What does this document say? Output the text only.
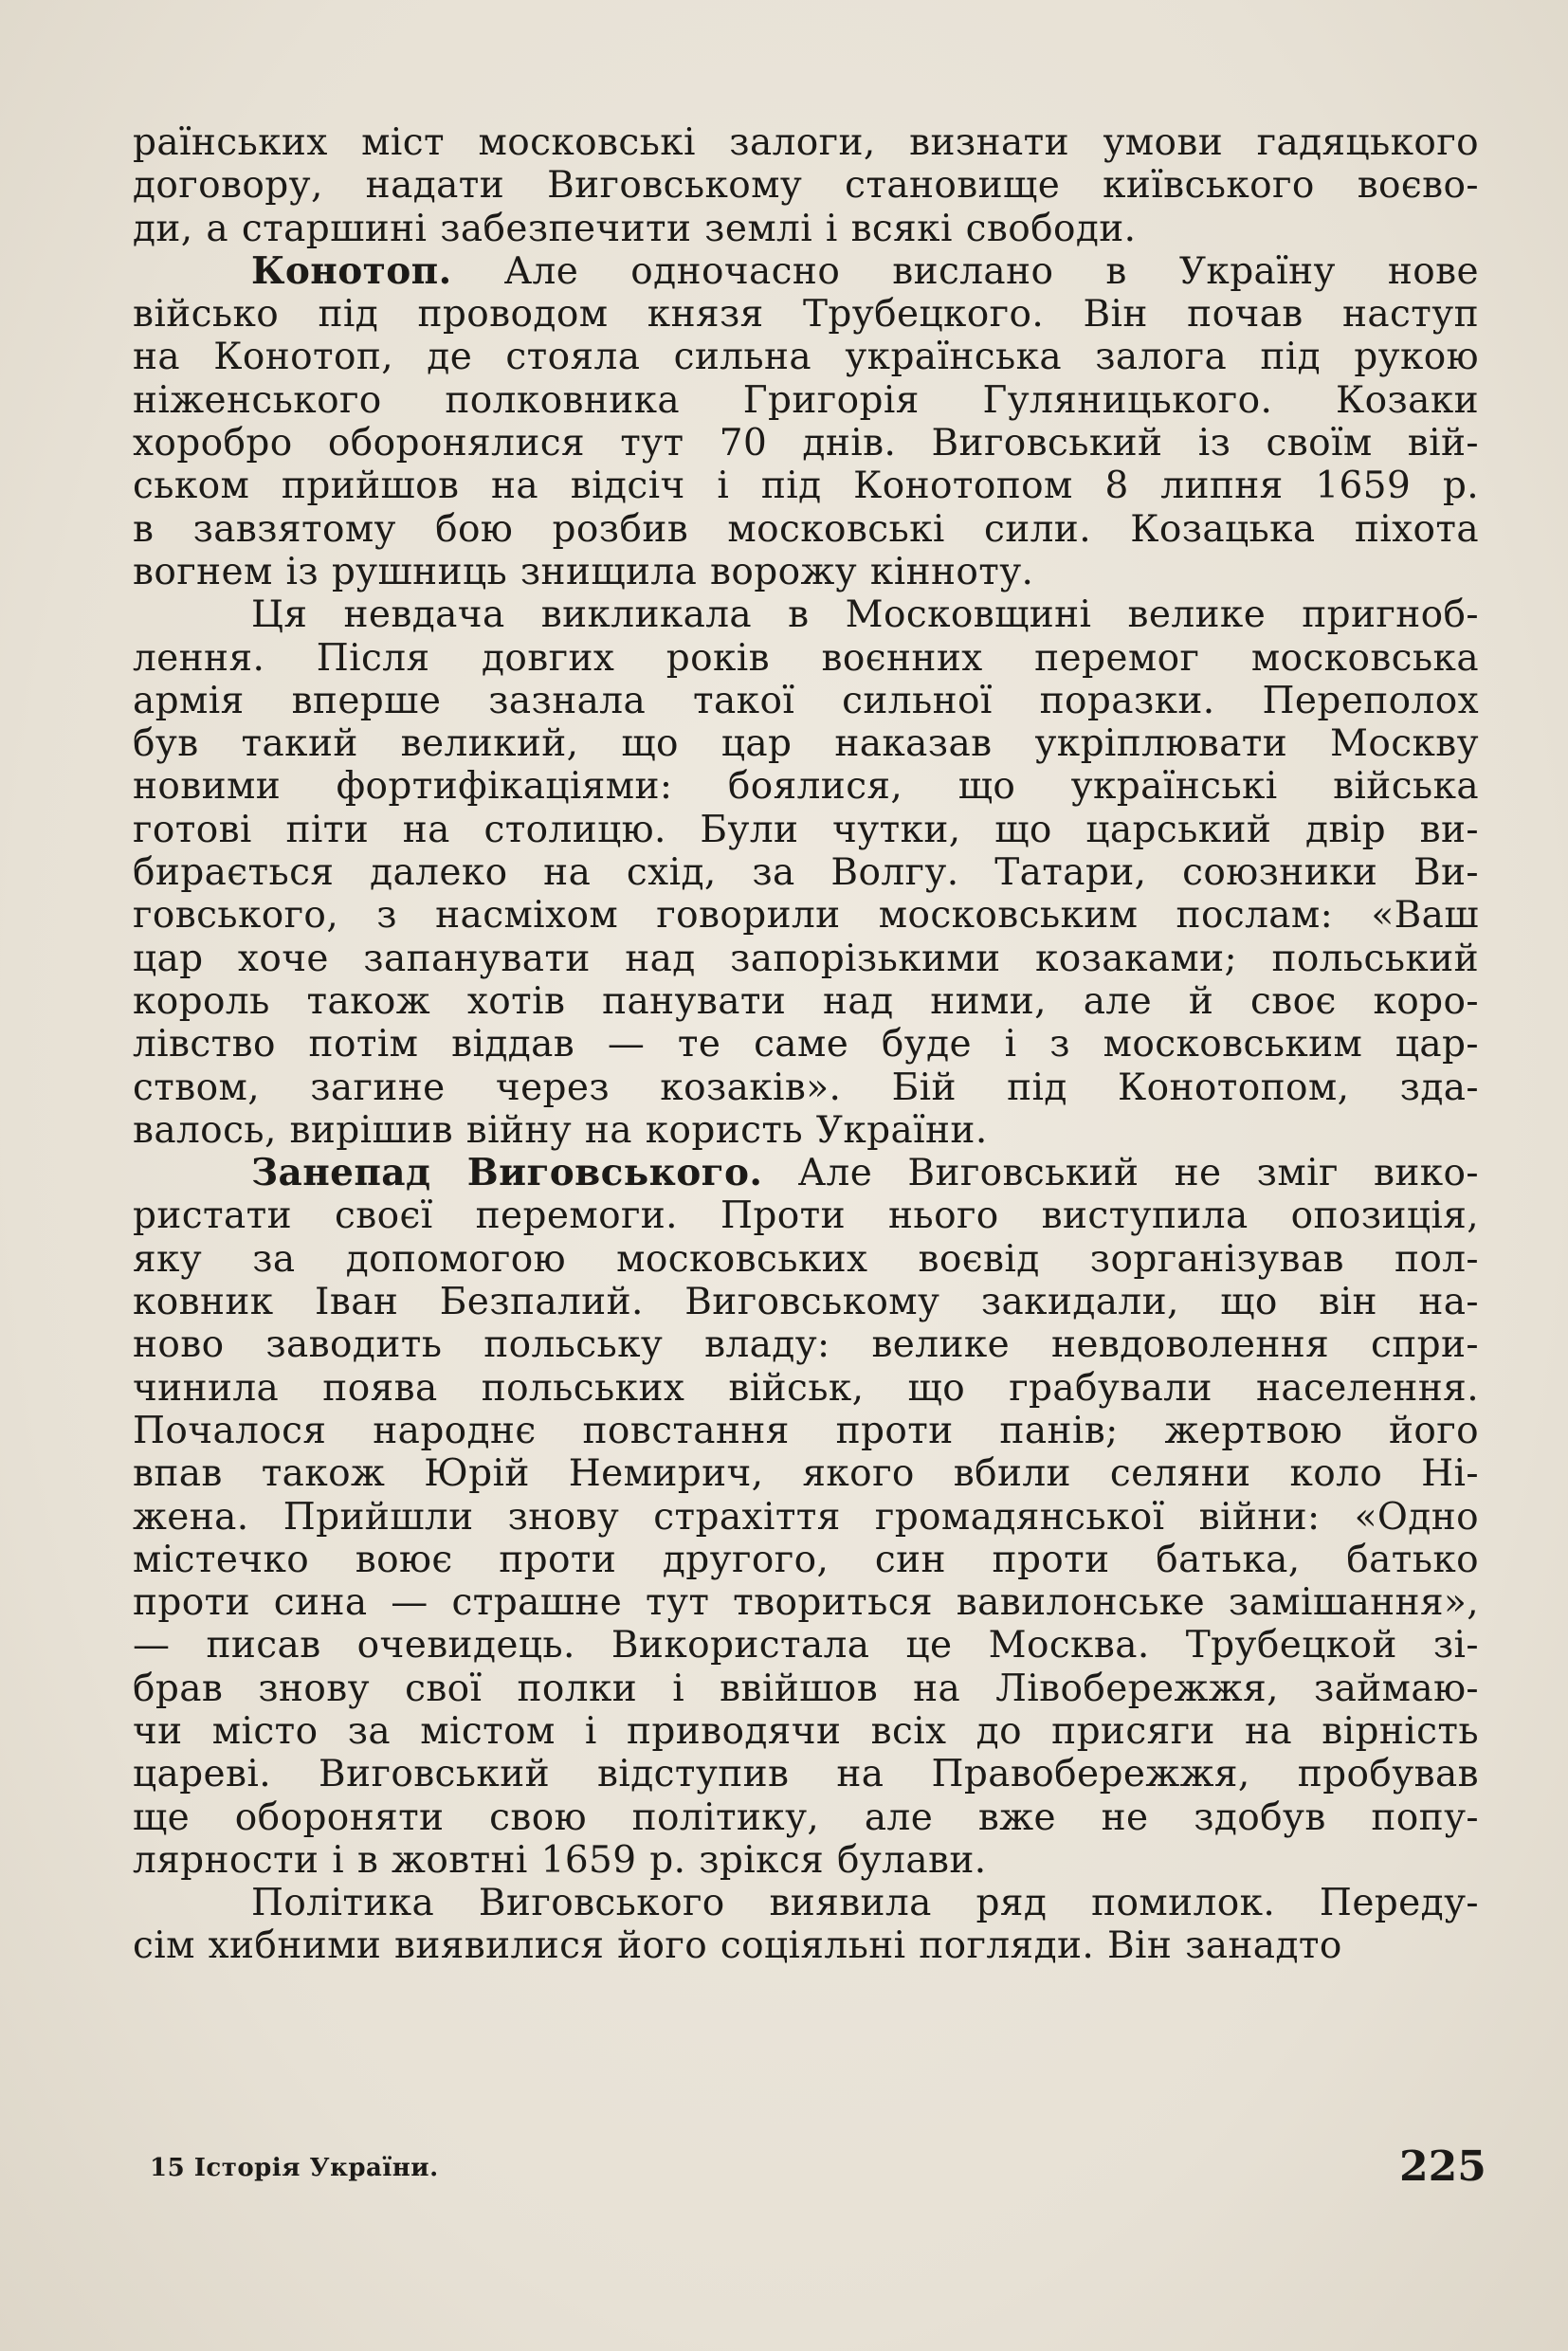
раїнських міст московські залоги, визнати умови гадяцького
договору, надати Виговському становище київського воєво-
ди, а старшині забезпечити землі і всякі свободи.
Конотоп. Але одночасно вислано в Україну нове
військо під проводом князя Трубецкого. Він почав наступ
на Конотоп, де стояла сильна українська залога під рукою
ніженського полковника Григорія Гуляницького. Козаки
хоробро оборонялися тут 70 днів. Виговський із своїм вій-
ськом прийшов на відсіч і під Конотопом 8 липня 1659 р.
в завзятому бою розбив московські сили. Козацька піхота
вогнем із рушниць знищила ворожу кінноту.
Ця невдача викликала в Московщині велике пригноб-
лення. Після довгих років воєнних перемог московська
армія вперше зазнала такої сильної поразки. Переполох
був такий великий, що цар наказав укріплювати Москву
новими фортифікаціями: боялися, що українські війська
готові піти на столицю. Були чутки, що царський двір ви-
бирається далеко на схід, за Волгу. Татари, союзники Ви-
говського, з насміхом говорили московським послам: «Ваш
цар хоче запанувати над запорізькими козаками; польський
король також хотів панувати над ними, але й своє коро-
лівство потім віддав — те саме буде і з московським цар-
ством, загине через козаків». Бій під Конотопом, зда-
валось, вирішив війну на користь України.
Занепад Виговського. Але Виговський не зміг вико-
ристати своєї перемоги. Проти нього виступила опозиція,
яку за допомогою московських воєвід зорганізував пол-
ковник Іван Безпалий. Виговському закидали, що він на-
ново заводить польську владу: велике невдоволення спри-
чинила поява польських військ, що грабували населення.
Почалося народнє повстання проти панів; жертвою його
впав також Юрій Немирич, якого вбили селяни коло Ні-
жена. Прийшли знову страхіття громадянської війни: «Одно
містечко воює проти другого, син проти батька, батько
проти сина — страшне тут твориться вавилонське замішання»,
— писав очевидець. Використала це Москва. Трубецкой зі-
брав знову свої полки і ввійшов на Лівобережжя, займаю-
чи місто за містом і приводячи всіх до присяги на вірність
цареві. Виговський відступив на Правобережжя, пробував
ще обороняти свою політику, але вже не здобув попу-
лярности і в жовтні 1659 р. зрікся булави.
Політика Виговського виявила ряд помилок. Переду-
сім хибними виявилися його соціяльні погляди. Він занадто
15 Історія України.	225
